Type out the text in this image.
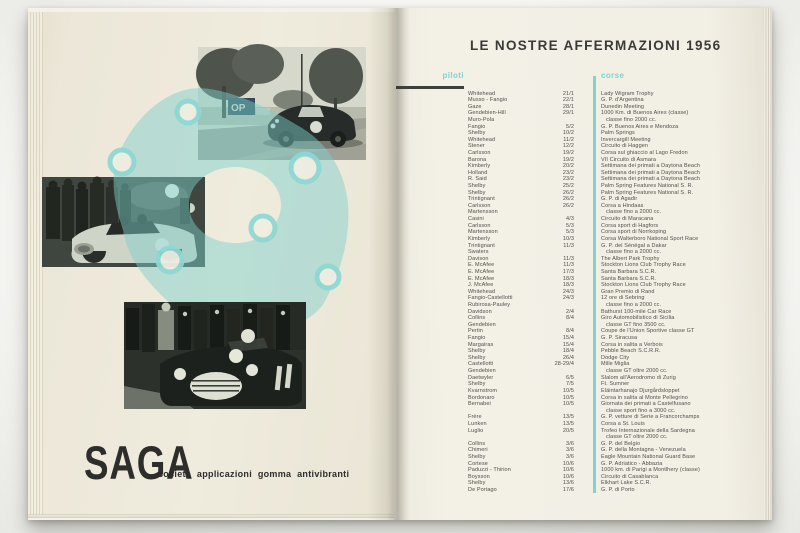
SAGA
società applicazioni gomma antivibranti
LE NOSTRE AFFERMAZIONI 1956
piloti	corse
Whitehead	21/1	Lady Wigram Trophy
Musso - Fangio	22/1	G. P. d'Argentina
Gaze	28/1	Dunedin Meeting
Gendebien-Hill	29/1	1000 Km. di Buenos Aires (classe)
Muro-Pola	classe fino 2000 cc.
Fangio	5/2	G. P. Buenos Aires e Mendoza
Shelby	10/2	Palm Springs
Whitehead	11/2	Invercargill Meeting
Stener	12/2	Circuito di Haggen
Carlsson	19/2	Corsa sul ghiaccio al Lago Fredon
Barona	19/2	VII Circuito di Asmara
Kimberly	20/2	Settimana dei primati a Daytona Beach
Holland	23/2	Settimana dei primati a Daytona Beach
R. Said	23/2	Settimana dei primati a Daytona Beach
Shelby	25/2	Palm Spring Features National S. R.
Shelby	26/2	Palm Spring Features National S. R.
Trintignant	26/2	G. P. di Agadir
Carlsson	26/2	Corsa a Hindaas
Martensson	classe fino a 2000 cc.
Casini	4/3	Circuito di Maracana
Carlsson	5/3	Corsa sport di Hagfors
Martensson	5/3	Corsa sport di Norrkoping
Kimberly	10/3	Corsa Walterboro National Sport Race
Trintignant	11/3	G. P. del Sénégal a Dakar
Swaters	classe fino a 2000 cc.
Davison	11/3	The Albert Park Trophy
E. McAfee	11/3	Stockton Lions Club Trophy Race
E. McAfee	17/3	Santa Barbara S.C.R.
E. McAfee	18/3	Santa Barbara S.C.R.
J. McAfee	18/3	Stockton Lions Club Trophy Race
Whitehead	24/3	Gran Premio di Rand
Fangio-Castellotti	24/3	12 ore di Sebring
Rubirosa-Pauley	classe fino a 2000 cc.
Davidson	2/4	Bathurst 100-mile Car Race
Collins	8/4	Giro Automobilistico di Sicilia
Gendebien	classe GT fino 3500 cc.
Pertin	8/4	Coupe de l'Union Sportive classe GT
Fangio	15/4	G. P. Siracusa
Margairas	15/4	Corsa in salita a Verbois
Shelby	18/4	Pebble Beach S.C.R.R.
Shelby	26/4	Dodge City
Castellotti	28-29/4	Mille Miglia
Gendebien	classe GT oltre 2000 cc.
Daetwyler	6/5	Slalom all'Aerodromo di Zurig
Shelby	7/5	Ft. Sumner
Kvarnstrom	10/5	Eläintarhanajo Djurgårdsloppet
Bordonaro	10/5	Corsa in salita al Monte Pellegrino
Bernabei	10/5	Giornata dei primati a Castelfusano
classe sport fino a 3000 cc.
Frère	13/5	G. P. vetture di Serie a Francorchamps
Lunken	13/5	Corsa a St. Louis
Luglio	20/5	Trofeo Internazionale della Sardegna
classe GT oltre 2000 cc.
Collins	3/6	G. P. del Belgio
Chimeri	3/6	G. P. della Montagna - Venezuela
Shelby	3/6	Eagle Mountain National Guard Base
Cortese	10/6	G. P. Adriatico - Abbazia
Paduzzi - Thirion	10/6	1000 km. di Parigi a Montlhery (classe)
Boysson	10/6	Circuito di Casablanca
Shelby	13/6	Elkhart Lake S.C.R.
De Portago	17/6	G. P. di Porto
